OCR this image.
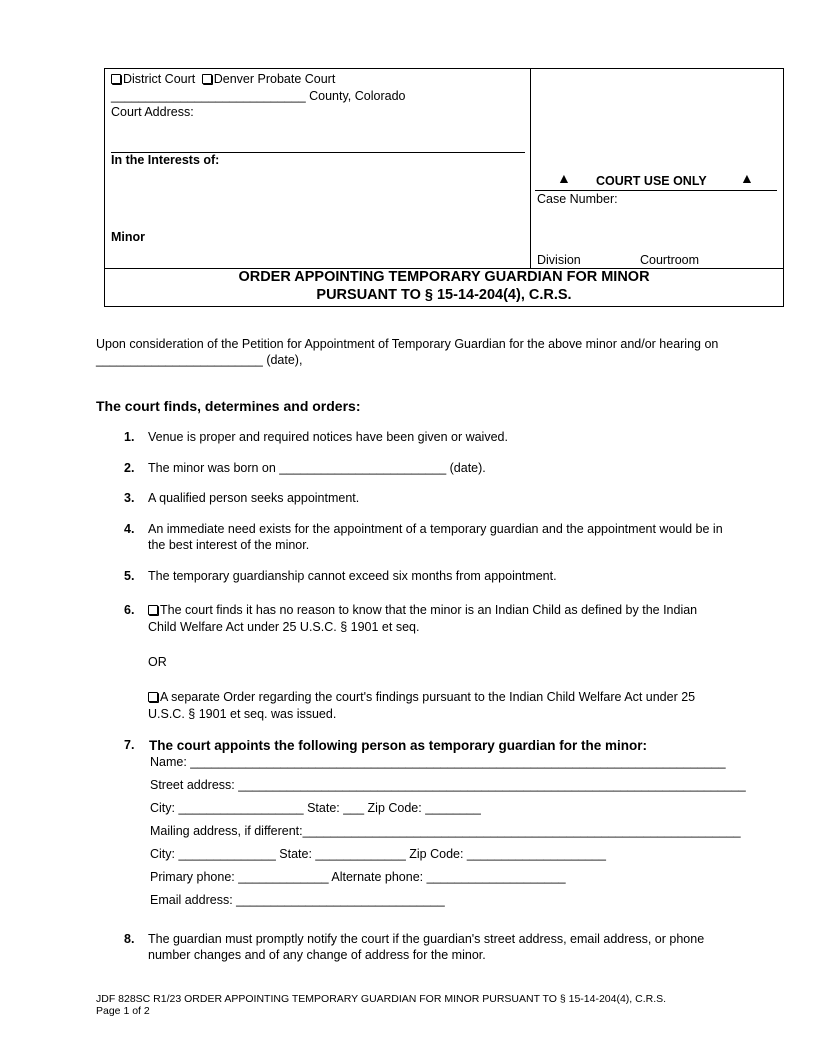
District Court Denver Probate Court
____________________________ County, Colorado
Court Address:
In the Interests of:
Minor
▲ COURT USE ONLY ▲
Case Number:
Division	Courtroom
ORDER APPOINTING TEMPORARY GUARDIAN FOR MINOR
PURSUANT TO § 15-14-204(4), C.R.S.
Upon consideration of the Petition for Appointment of Temporary Guardian for the above minor and/or hearing on
________________________ (date),
The court finds, determines and orders:
1. Venue is proper and required notices have been given or waived.
2. The minor was born on ________________________ (date).
3. A qualified person seeks appointment.
4. An immediate need exists for the appointment of a temporary guardian and the appointment would be in
the best interest of the minor.
5. The temporary guardianship cannot exceed six months from appointment.
6.	The court finds it has no reason to know that the minor is an Indian Child as defined by the Indian
Child Welfare Act under 25 U.S.C. § 1901 et seq.
OR
A separate Order regarding the court's findings pursuant to the Indian Child Welfare Act under 25
U.S.C. § 1901 et seq. was issued.
7. The court appoints the following person as temporary guardian for the minor:
Name: _____________________________________________________________________________
Street address: _________________________________________________________________________
City: __________________ State: ___ Zip Code: ________
Mailing address, if different:_______________________________________________________________
City: ______________ State: _____________ Zip Code: ____________________
Primary phone: _____________ Alternate phone: ____________________
Email address: ______________________________
8. The guardian must promptly notify the court if the guardian's street address, email address, or phone
number changes and of any change of address for the minor.
JDF 828SC R1/23 ORDER APPOINTING TEMPORARY GUARDIAN FOR MINOR PURSUANT TO § 15-14-204(4), C.R.S.
Page 1 of 2
